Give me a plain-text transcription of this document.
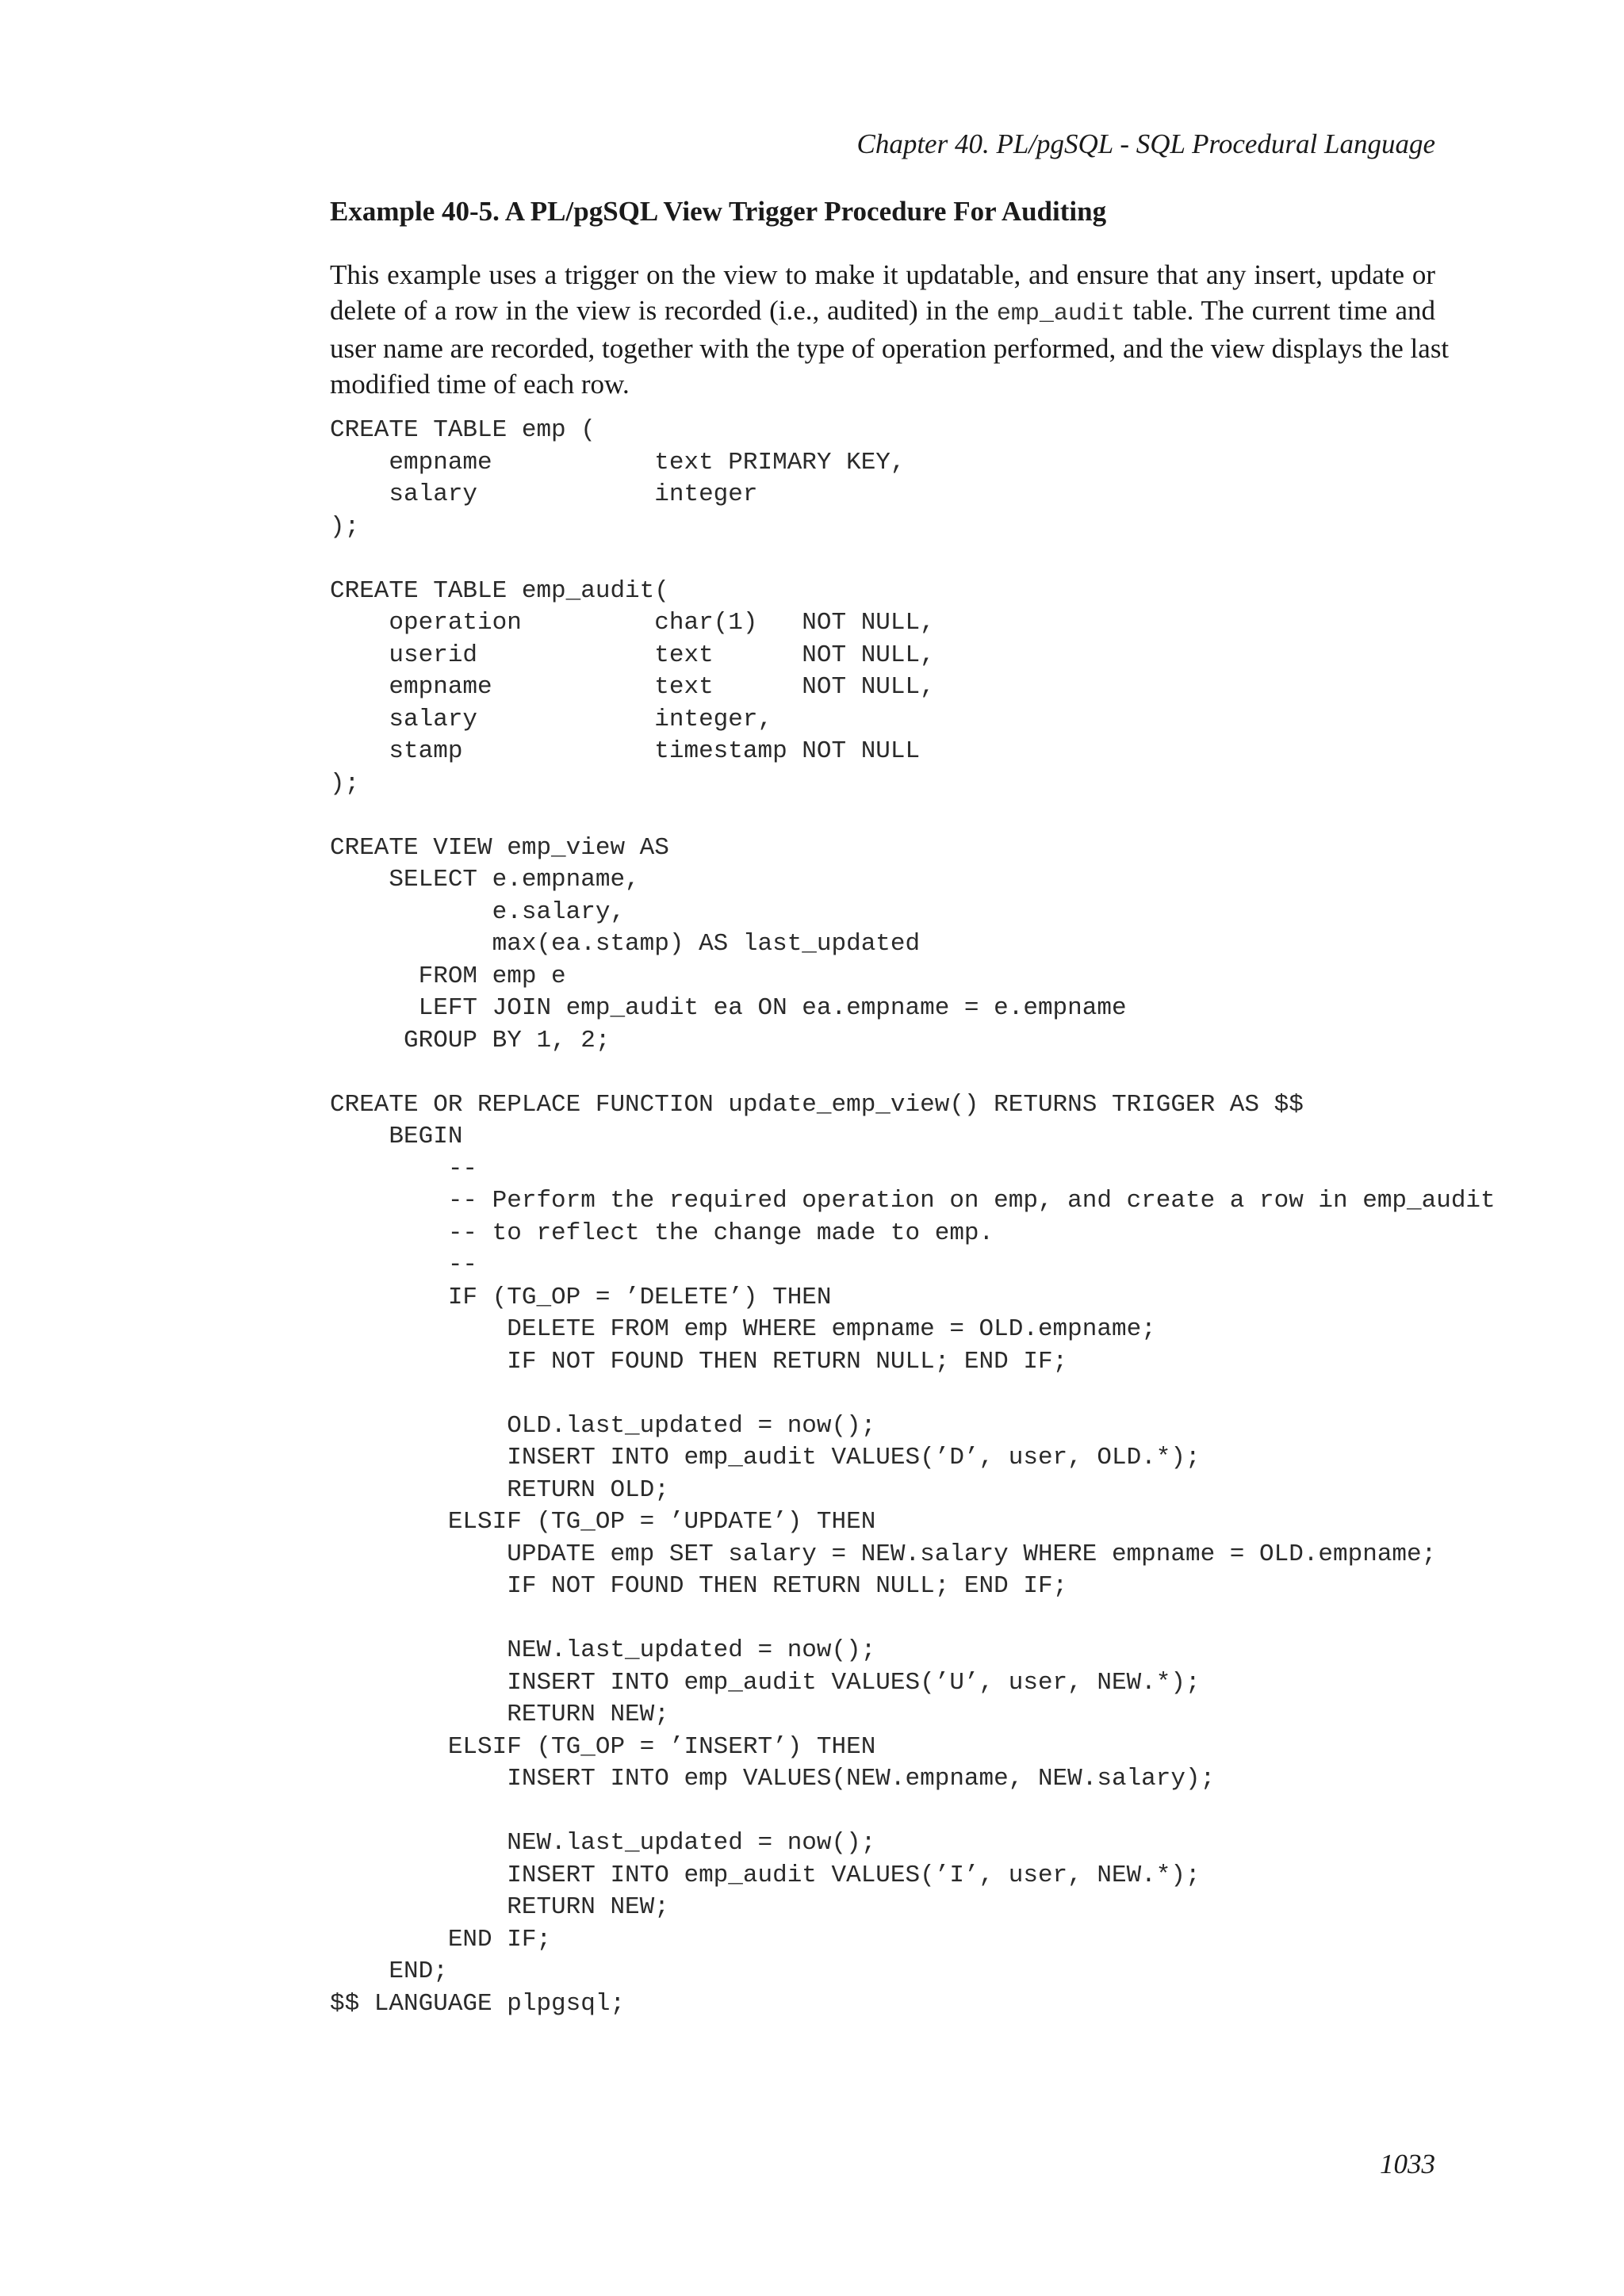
Chapter 40. PL/pgSQL - SQL Procedural Language
Example 40-5. A PL/pgSQL View Trigger Procedure For Auditing
This example uses a trigger on the view to make it updatable, and ensure that any insert, update or
delete of a row in the view is recorded (i.e., audited) in the emp_audit table. The current time and
user name are recorded, together with the type of operation performed, and the view displays the last
modified time of each row.
CREATE TABLE emp (
empname           text PRIMARY KEY,
salary            integer
);

CREATE TABLE emp_audit(
operation         char(1)   NOT NULL,
userid            text      NOT NULL,
empname           text      NOT NULL,
salary            integer,
stamp             timestamp NOT NULL
);

CREATE VIEW emp_view AS
SELECT e.empname,
e.salary,
max(ea.stamp) AS last_updated
FROM emp e
LEFT JOIN emp_audit ea ON ea.empname = e.empname
GROUP BY 1, 2;

CREATE OR REPLACE FUNCTION update_emp_view() RETURNS TRIGGER AS $$
BEGIN
--
-- Perform the required operation on emp, and create a row in emp_audit
-- to reflect the change made to emp.
--
IF (TG_OP = ’DELETE’) THEN
DELETE FROM emp WHERE empname = OLD.empname;
IF NOT FOUND THEN RETURN NULL; END IF;

OLD.last_updated = now();
INSERT INTO emp_audit VALUES(’D’, user, OLD.*);
RETURN OLD;
ELSIF (TG_OP = ’UPDATE’) THEN
UPDATE emp SET salary = NEW.salary WHERE empname = OLD.empname;
IF NOT FOUND THEN RETURN NULL; END IF;

NEW.last_updated = now();
INSERT INTO emp_audit VALUES(’U’, user, NEW.*);
RETURN NEW;
ELSIF (TG_OP = ’INSERT’) THEN
INSERT INTO emp VALUES(NEW.empname, NEW.salary);

NEW.last_updated = now();
INSERT INTO emp_audit VALUES(’I’, user, NEW.*);
RETURN NEW;
END IF;
END;
$$ LANGUAGE plpgsql;
1033
